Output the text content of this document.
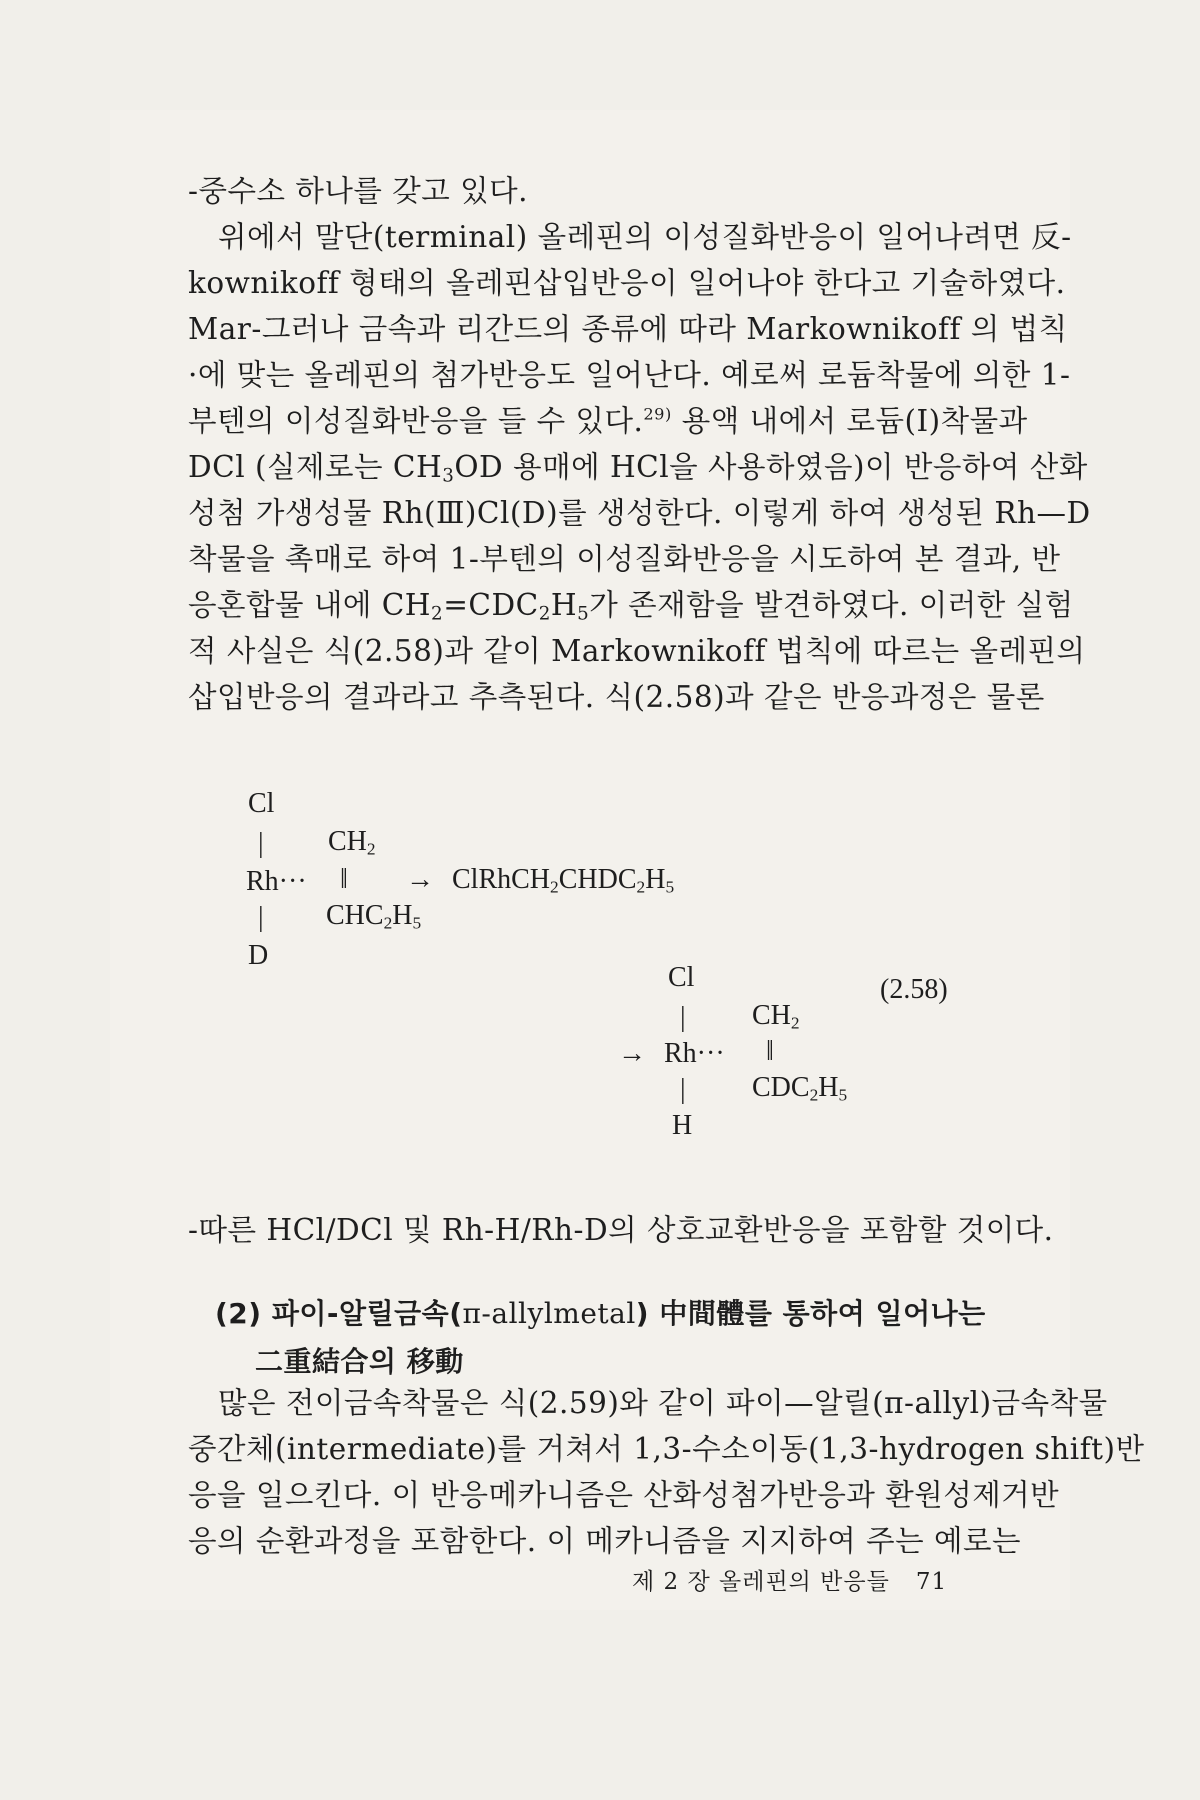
-중수소 하나를 갖고 있다.

　위에서 말단(terminal) 올레핀의 이성질화반응이 일어나려면 反-

kownikoff 형태의 올레핀삽입반응이 일어나야 한다고 기술하였다.

Mar-그러나 금속과 리간드의 종류에 따라 Markownikoff 의 법칙

·에 맞는 올레핀의 첨가반응도 일어난다. 예로써 로듐착물에 의한 1-

부텐의 이성질화반응을 들 수 있다.$^{29)}$ 용액 내에서 로듐(Ⅰ)착물과

DCl (실제로는 $CH_3OD$ 용매에 HCl을 사용하였음)이 반응하여 산화

성첨 가생성물 Rh(Ⅲ)Cl(D)를 생성한다. 이렇게 하여 생성된 Rh—D

착물을 촉매로 하여 1-부텐의 이성질화반응을 시도하여 본 결과, 반

응혼합물 내에 $CH_2=CDC_2H_5$가 존재함을 발견하였다. 이러한 실험

적 사실은 식(2.58)과 같이 Markownikoff 법칙에 따르는 올레핀의

삽입반응의 결과라고 추측된다. 식(2.58)과 같은 반응과정은 물론

Cl
| $CH_2$
Rh··· ‖ → $ClRhCH_2CHDC_2H_5$
| $CHC_2H_5$
D
Cl	(2.58)
| $CH_2$
→ Rh··· ‖
| $CDC_2H_5$
H

-따른 HCl/DCl 및 Rh-H/Rh-D의 상호교환반응을 포함할 것이다.

(2) 파이-알릴금속(π-allylmetal) 中間體를 통하여 일어나는
二重結合의 移動

　많은 전이금속착물은 식(2.59)와 같이 파이—알릴(π-allyl)금속착물

중간체(intermediate)를 거쳐서 1,3-수소이동(1,3-hydrogen shift)반

응을 일으킨다. 이 반응메카니즘은 산화성첨가반응과 환원성제거반

응의 순환과정을 포함한다. 이 메카니즘을 지지하여 주는 예로는

제 2 장 올레핀의 반응들 71
